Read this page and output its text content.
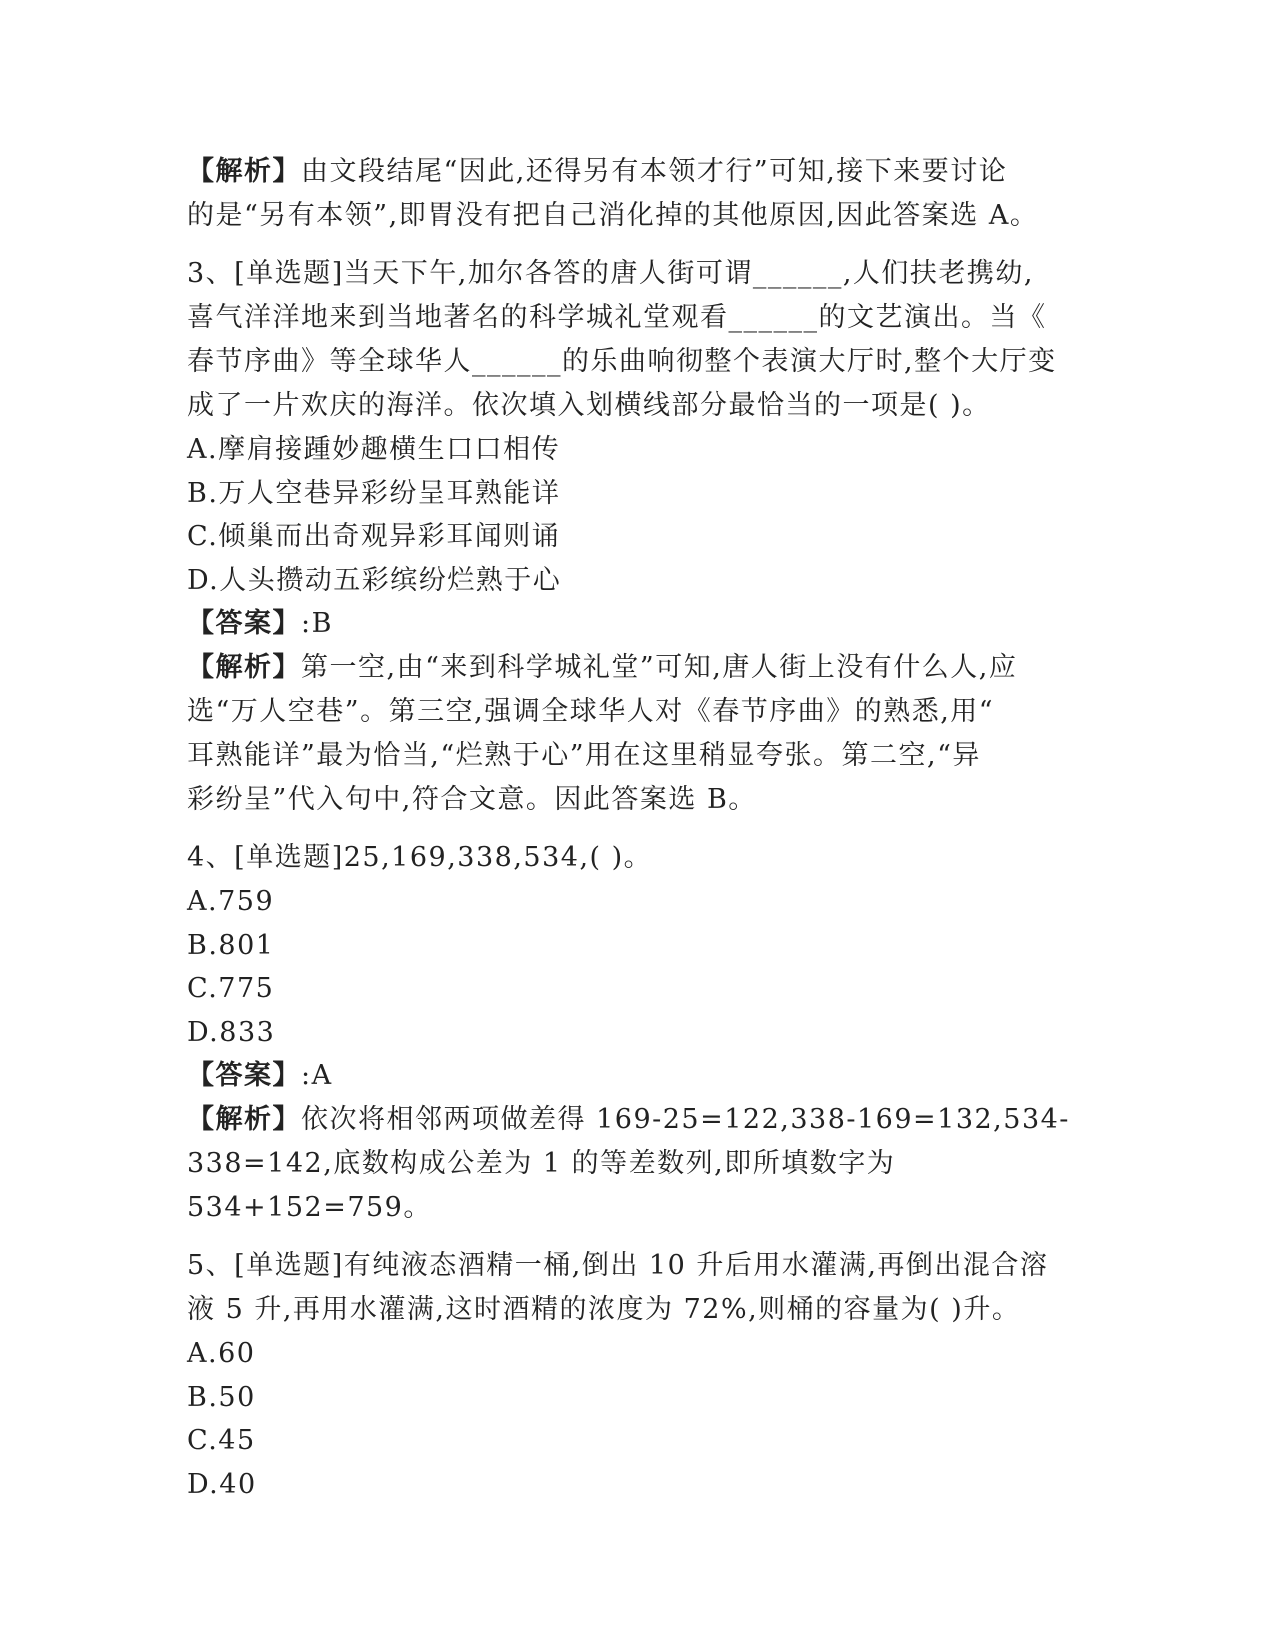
【解析】由文段结尾“因此,还得另有本领才行”可知,接下来要讨论

的是“另有本领”,即胃没有把自己消化掉的其他原因,因此答案选 A。

3、[单选题]当天下午,加尔各答的唐人街可谓______,人们扶老携幼,

喜气洋洋地来到当地著名的科学城礼堂观看______的文艺演出。当《

春节序曲》等全球华人______的乐曲响彻整个表演大厅时,整个大厅变

成了一片欢庆的海洋。依次填入划横线部分最恰当的一项是( )。

A.摩肩接踵妙趣横生口口相传

B.万人空巷异彩纷呈耳熟能详

C.倾巢而出奇观异彩耳闻则诵

D.人头攒动五彩缤纷烂熟于心

【答案】:B

【解析】第一空,由“来到科学城礼堂”可知,唐人街上没有什么人,应

选“万人空巷”。第三空,强调全球华人对《春节序曲》的熟悉,用“

耳熟能详”最为恰当,“烂熟于心”用在这里稍显夸张。第二空,“异

彩纷呈”代入句中,符合文意。因此答案选 B。

4、[单选题]25,169,338,534,( )。

A.759

B.801

C.775

D.833

【答案】:A

【解析】依次将相邻两项做差得 169-25=122,338-169=132,534-

338=142,底数构成公差为 1 的等差数列,即所填数字为 534+152=759。

5、[单选题]有纯液态酒精一桶,倒出 10 升后用水灌满,再倒出混合溶

液 5 升,再用水灌满,这时酒精的浓度为 72%,则桶的容量为( )升。

A.60

B.50

C.45

D.40
